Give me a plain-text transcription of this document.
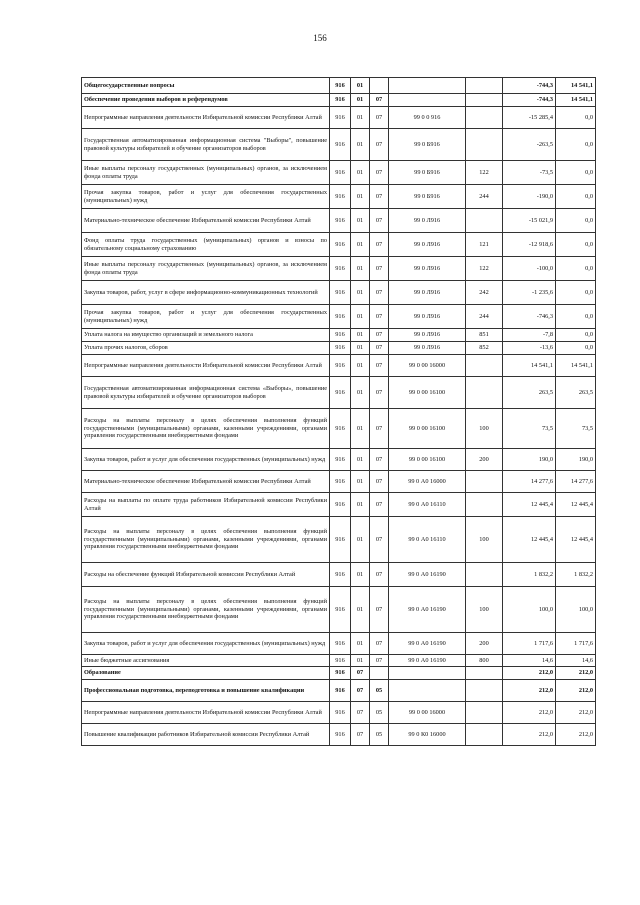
156
Общегосударственные вопросы	916	01				-744,3	14 541,1
Обеспечение проведения выборов и референдумов	916	01	07			-744,3	14 541,1
Непрограммные направления деятельности Избирательной комиссии Республики Алтай	916	01	07	99 0 0 916		-15 285,4	0,0
Государственная автоматизированная информационная система "Выборы", повышение правовой культуры избирателей и обучение организаторов выборов	916	01	07	99 0 Б916		-263,5	0,0
Иные выплаты персоналу государственных (муниципальных) органов, за исключением фонда оплаты труда	916	01	07	99 0 Б916	122	-73,5	0,0
Прочая закупка товаров, работ и услуг для обеспечения государственных (муниципальных) нужд	916	01	07	99 0 Б916	244	-190,0	0,0
Материально-техническое обеспечение Избирательной комиссии Республики Алтай	916	01	07	99 0 Л916		-15 021,9	0,0
Фонд оплаты труда государственных (муниципальных) органов и взносы по обязательному социальному страхованию	916	01	07	99 0 Л916	121	-12 918,6	0,0
Иные выплаты персоналу государственных (муниципальных) органов, за исключением фонда оплаты труда	916	01	07	99 0 Л916	122	-100,0	0,0
Закупка товаров, работ, услуг в сфере информационно-коммуникационных технологий	916	01	07	99 0 Л916	242	-1 235,6	0,0
Прочая закупка товаров, работ и услуг для обеспечения государственных (муниципальных) нужд	916	01	07	99 0 Л916	244	-746,3	0,0
Уплата налога на имущество организаций и земельного налога	916	01	07	99 0 Л916	851	-7,8	0,0
Уплата прочих налогов, сборов	916	01	07	99 0 Л916	852	-13,6	0,0
Непрограммные направления деятельности Избирательной комиссии Республики Алтай	916	01	07	99 0 00 16000		14 541,1	14 541,1
Государственная автоматизированная информационная система «Выборы», повышение правовой культуры избирателей и обучение организаторов выборов	916	01	07	99 0 00 16100		263,5	263,5
Расходы на выплаты персоналу в целях обеспечения выполнения функций государственными (муниципальными) органами, казенными учреждениями, органами управления государственными внебюджетными фондами	916	01	07	99 0 00 16100	100	73,5	73,5
Закупка товаров, работ и услуг для обеспечения государственных (муниципальных) нужд	916	01	07	99 0 00 16100	200	190,0	190,0
Материально-техническое обеспечение Избирательной комиссии Республики Алтай	916	01	07	99 0 А0 16000		14 277,6	14 277,6
Расходы на выплаты по оплате труда работников Избирательной комиссии Республики Алтай	916	01	07	99 0 А0 16110		12 445,4	12 445,4
Расходы на выплаты персоналу в целях обеспечения выполнения функций государственными (муниципальными) органами, казенными учреждениями, органами управления государственными внебюджетными фондами	916	01	07	99 0 А0 16110	100	12 445,4	12 445,4
Расходы на обеспечение функций Избирательной комиссии Республики Алтай	916	01	07	99 0 А0 16190		1 832,2	1 832,2
Расходы на выплаты персоналу в целях обеспечения выполнения функций государственными (муниципальными) органами, казенными учреждениями, органами управления государственными внебюджетными фондами	916	01	07	99 0 А0 16190	100	100,0	100,0
Закупка товаров, работ и услуг для обеспечения государственных (муниципальных) нужд	916	01	07	99 0 А0 16190	200	1 717,6	1 717,6
Иные бюджетные ассигнования	916	01	07	99 0 А0 16190	800	14,6	14,6
Образование	916	07				212,0	212,0
Профессиональная подготовка, переподготовка и повышение квалификации	916	07	05			212,0	212,0
Непрограммные направления деятельности Избирательной комиссии Республики Алтай	916	07	05	99 0 00 16000		212,0	212,0
Повышение квалификации работников Избирательной комиссии Республики Алтай	916	07	05	99 0 К0 16000		212,0	212,0
